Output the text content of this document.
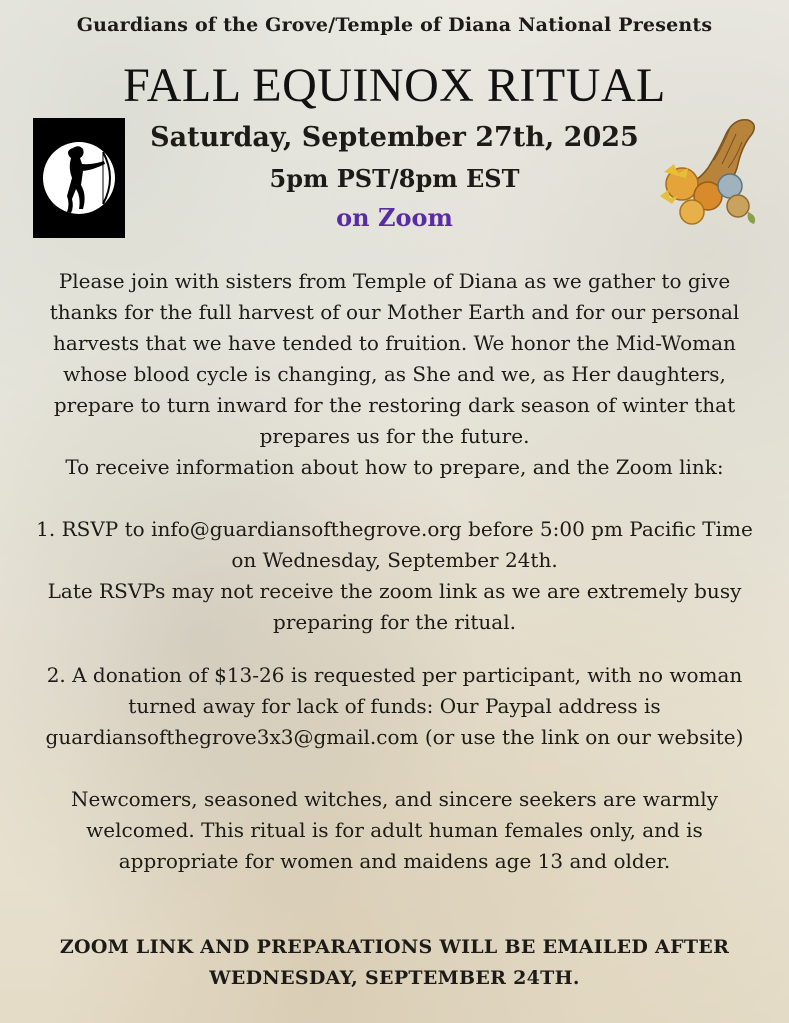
Guardians of the Grove/Temple of Diana National Presents
FALL EQUINOX RITUAL
Saturday, September 27th, 2025
5pm PST/8pm EST
on Zoom

Please join with sisters from Temple of Diana as we gather to give thanks for the full harvest of our Mother Earth and for our personal harvests that we have tended to fruition. We honor the Mid-Woman whose blood cycle is changing, as She and we, as Her daughters, prepare to turn inward for the restoring dark season of winter that prepares us for the future.

To receive information about how to prepare, and the Zoom link:

1. RSVP to info@guardiansofthegrove.org before 5:00 pm Pacific Time on Wednesday, September 24th.

Late RSVPs may not receive the zoom link as we are extremely busy preparing for the ritual.

2. A donation of $13-26 is requested per participant, with no woman turned away for lack of funds: Our Paypal address is guardiansofthegrove3x3@gmail.com (or use the link on our website)

Newcomers, seasoned witches, and sincere seekers are warmly welcomed. This ritual is for adult human females only, and is appropriate for women and maidens age 13 and older.

ZOOM LINK AND PREPARATIONS WILL BE EMAILED AFTER WEDNESDAY, SEPTEMBER 24TH.
